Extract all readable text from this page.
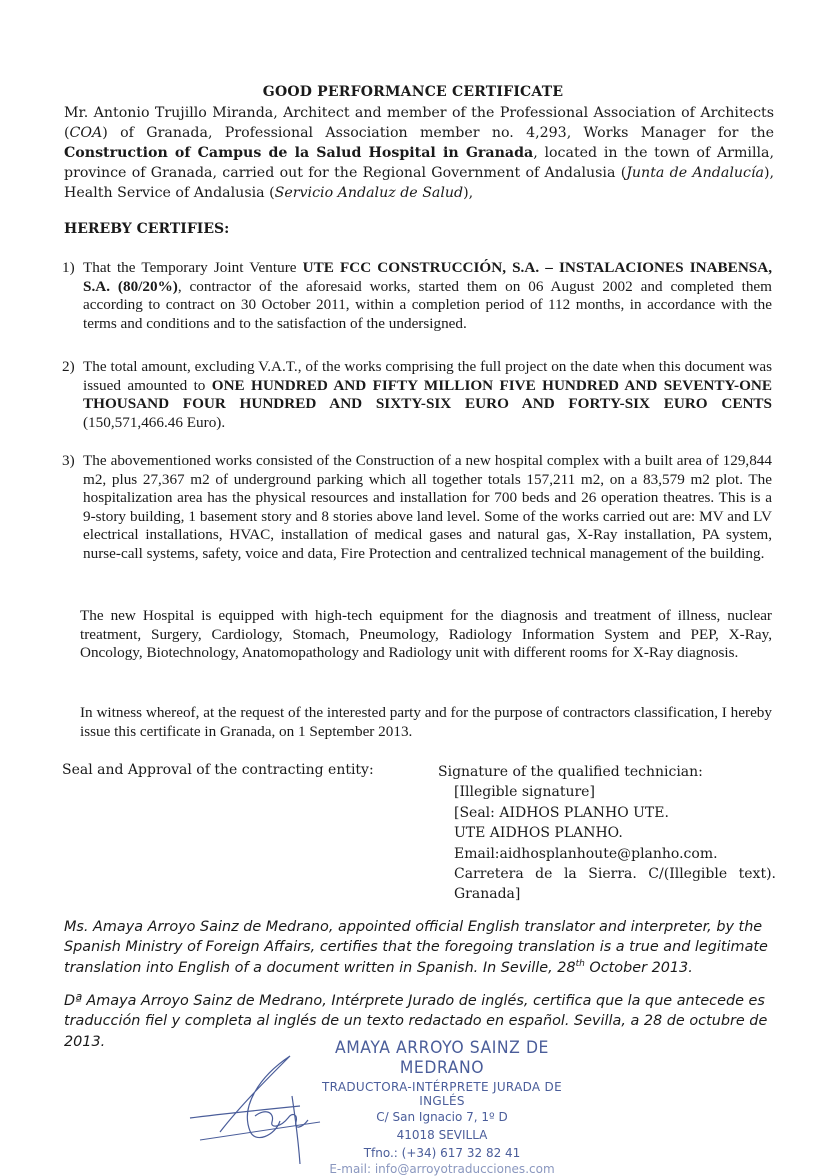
GOOD PERFORMANCE CERTIFICATE
Mr. Antonio Trujillo Miranda, Architect and member of the Professional Association of Architects (COA) of Granada, Professional Association member no. 4,293, Works Manager for the Construction of Campus de la Salud Hospital in Granada, located in the town of Armilla, province of Granada, carried out for the Regional Government of Andalusia (Junta de Andalucía), Health Service of Andalusia (Servicio Andaluz de Salud),
HEREBY CERTIFIES:
1) That the Temporary Joint Venture UTE FCC CONSTRUCCIÓN, S.A. – INSTALACIONES INABENSA, S.A. (80/20%), contractor of the aforesaid works, started them on 06 August 2002 and completed them according to contract on 30 October 2011, within a completion period of 112 months, in accordance with the terms and conditions and to the satisfaction of the undersigned.
2) The total amount, excluding V.A.T., of the works comprising the full project on the date when this document was issued amounted to ONE HUNDRED AND FIFTY MILLION FIVE HUNDRED AND SEVENTY-ONE THOUSAND FOUR HUNDRED AND SIXTY-SIX EURO AND FORTY-SIX EURO CENTS (150,571,466.46 Euro).
3) The abovementioned works consisted of the Construction of a new hospital complex with a built area of 129,844 m2, plus 27,367 m2 of underground parking which all together totals 157,211 m2, on a 83,579 m2 plot. The hospitalization area has the physical resources and installation for 700 beds and 26 operation theatres. This is a 9-story building, 1 basement story and 8 stories above land level. Some of the works carried out are: MV and LV electrical installations, HVAC, installation of medical gases and natural gas, X-Ray installation, PA system, nurse-call systems, safety, voice and data, Fire Protection and centralized technical management of the building.
The new Hospital is equipped with high-tech equipment for the diagnosis and treatment of illness, nuclear treatment, Surgery, Cardiology, Stomach, Pneumology, Radiology Information System and PEP, X-Ray, Oncology, Biotechnology, Anatomopathology and Radiology unit with different rooms for X-Ray diagnosis.
In witness whereof, at the request of the interested party and for the purpose of contractors classification, I hereby issue this certificate in Granada, on 1 September 2013.
Seal and Approval of the contracting entity:	Signature of the qualified technician:
[Illegible signature]
[Seal: AIDHOS PLANHO UTE.
UTE AIDHOS PLANHO.
Email:aidhosplanhoute@planho.com.
Carretera de la Sierra. C/(Illegible text). Granada]
Ms. Amaya Arroyo Sainz de Medrano, appointed official English translator and interpreter, by the Spanish Ministry of Foreign Affairs, certifies that the foregoing translation is a true and legitimate translation into English of a document written in Spanish. In Seville, 28th October 2013.
Dª Amaya Arroyo Sainz de Medrano, Intérprete Jurado de inglés, certifica que la que antecede es traducción fiel y completa al inglés de un texto redactado en español. Sevilla, a 28 de octubre de 2013.	AMAYA ARROYO SAINZ DE MEDRANO
TRADUCTORA-INTÉRPRETE JURADA DE INGLÉS
C/ San Ignacio 7, 1º D
41018 SEVILLA
Tfno.: (+34) 617 32 82 41
E-mail: info@arroyotraducciones.com
